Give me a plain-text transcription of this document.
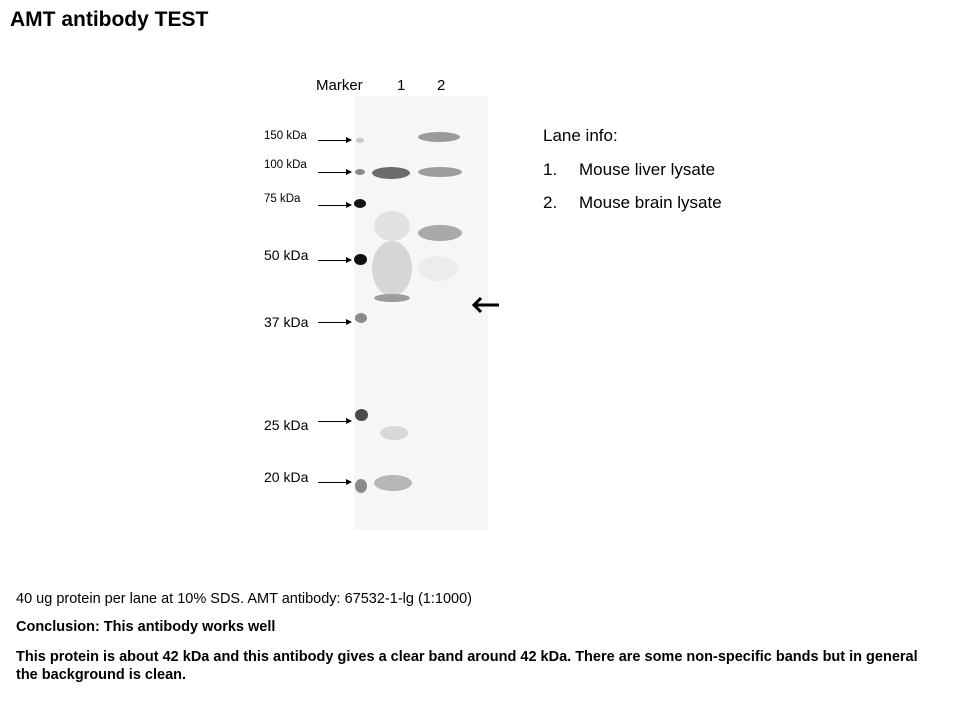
AMT antibody TEST
Marker 1 2
150 kDa
100 kDa
75 kDa
50 kDa
37 kDa
25 kDa
20 kDa
Lane info:
1. Mouse liver lysate
2. Mouse brain lysate
40 ug protein per lane at 10% SDS. AMT antibody: 67532-1-lg (1:1000)
Conclusion: This antibody works well
This protein is about 42 kDa and this antibody gives a clear band around 42 kDa. There are some non-specific bands but in general the background is clean.
